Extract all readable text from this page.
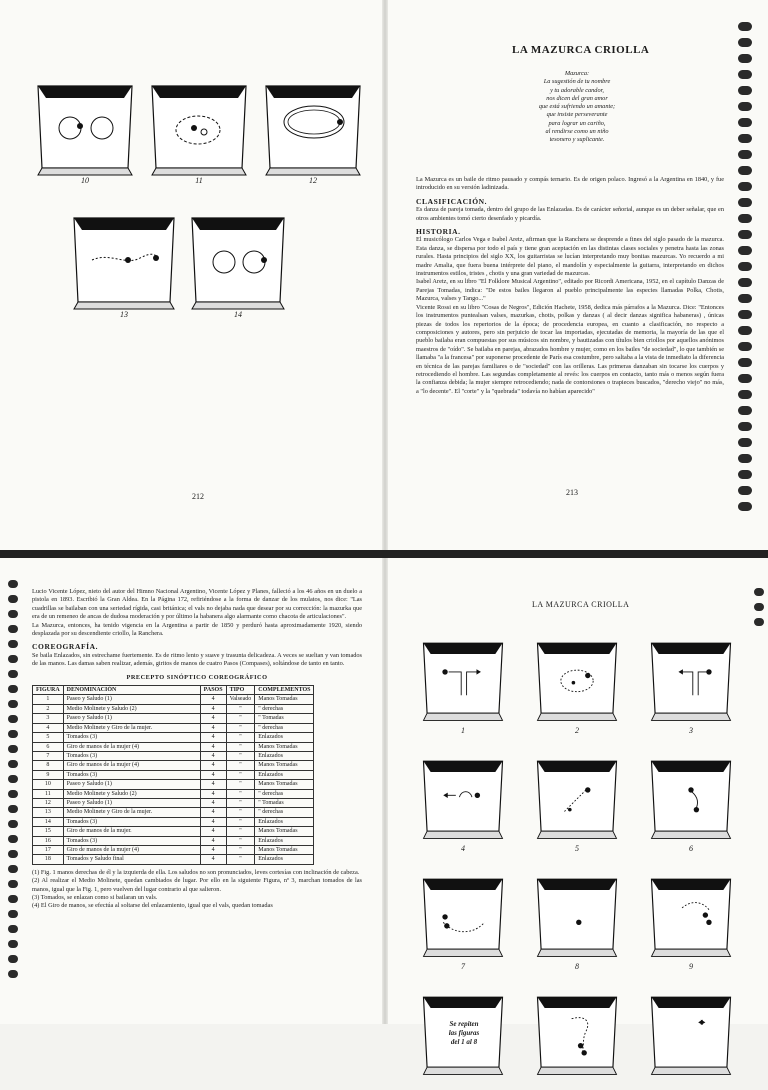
10	11	12
13	14
212
LA MAZURCA CRIOLLA
Mazurca:
La sugestión de tu nombre
y tu adorable candor,
nos dicen del gran amor
que está sufriendo un amante;
que insiste perseverante
para lograr un cariño,
al rendirse como un niño
tesonero y suplicante.
La Mazurca es un baile de ritmo pausado y compás ternario. Es de origen polaco. Ingresó a la Argentina en 1840, y fue introducido en su versión ladinizada.
CLASIFICACIÓN.
Es danza de pareja tomada, dentro del grupo de las Enlazadas. Es de carácter señorial, aunque es un deber señalar, que en otros ambientes tomó cierto desenfado y picardía.
HISTORIA.
El musicólogo Carlos Vega e Isabel Aretz, afirman que la Ranchera se desprende a fines del siglo pasado de la mazurca. Esta danza, se dispersa por todo el país y tiene gran aceptación en las distintas clases sociales y penetra hasta las zonas rurales. Hasta principios del siglo XX, los guitarristas se lucían interpretando muy bonitas mazurcas. Yo recuerdo a mi madre Amalia, que fuera buena intérprete del piano, el mandolín y especialmente la guitarra, interpretando en dichos instrumentos estilos, tristes , chotis y una gran variedad de mazurcas.
Isabel Aretz, en su libro "El Folklore Musical Argentino", editado por Ricordi Americana, 1952, en el capítulo Danzas de Parejas Tomadas, indica: "De estos bailes llegaron al pueblo principalmente las especies llamadas Polka, Chotis, Mazurca, valses y Tango..."
Vicente Rossi en su libro "Cosas de Negros", Edición Hachete, 1958, dedica más párrafos a la Mazurca. Dice: "Entonces los instrumentos puntealsan valses, mazurkas, chotis, polkas y danzas ( al decir danzas significa habaneras) , únicas piezas de todos los repertorios de la época; de procedencia europea, en cuanto a clasificación, no respecto a composiciones y autores, pero sin perjuicio de tocar las importadas, ejecutadas de memoria, la mayoría de las que el pueblo bailaba eran compuestas por sus músicos sin nombre, y bautizadas con títulos bien criollos por aquellos anónimos maestros de "oído". Se bailaba en parejas, abrazados hombre y mujer, como en los bailes "de sociedad", lo que también se llamaba "a la francesa" por suponerse procedente de París esa costumbre, pero saltaba a la vista de inmediato la diferencia en técnica de las parejas familiares o de "sociedad" con las orilleras. Las primeras danzaban sin tocarse los cuerpos y retrocediendo el hombre. Las segundas completamente al revés: los cuerpos en contacto, tanto más o menos según fuera la confianza debida; la mujer siempre retrocediendo; nada de contorsiones o trapieces buscados, "derecho viejo" no más, a "lo decente". El "corte" y la "quebrada" todavía no habían aparecido"
213
Lucio Vicente López, nieto del autor del Himno Nacional Argentino, Vicente López y Planes, falleció a los 46 años en un duelo a pistola en 1893. Escribió la Gran Aldea. En la Página 172, refiriéndose a la forma de danzar de los mulatos, nos dice: "Las cuadrillas se bailaban con una seriedad rígida, casi británica; el vals no dejaba nada que desear por su corrección: la mazurka que era de un remeneo de ancas de dudosa moderación y por último la habanera algo alarmante como chacota de articulaciones".
La Mazurca, entonces, ha tenido vigencia en la Argentina a partir de 1850 y perduró hasta aproximadamente 1920, siendo desplazada por su descendiente criollo, la Ranchera.
COREOGRAFÍA.
Se baila Enlazados, sin estrechame fuertemente. Es de ritmo lento y suave y trasunta delicadeza. A veces se sueltan y van tomados de las manos. Las damas saben realizar, además, giritos de manos de cuatro Pasos (Compases), soltándose de tanto en tanto.
PRECEPTO SINÓPTICO COREOGRÁFICO
FIGURA	DENOMINACIÓN	PASOS	TIPO	COMPLEMENTOS
1	Paseo y Saludo (1)	4	Valseado	Manos Tomadas
2	Medio Molinete y Saludo (2)	4	"	" derechas
3	Paseo y Saludo (1)	4	"	" Tomadas
4	Medio Molinete y Giro de la mujer.	4	"	" derechas
5	Tomados (3)	4	"	Enlazados
6	Giro de manos de la mujer (4)	4	"	Manos Tomadas
7	Tomados (3)	4	"	Enlazados
8	Giro de manos de la mujer (4)	4	"	Manos Tomadas
9	Tomados (3)	4	"	Enlazados
10	Paseo y Saludo (1)	4	"	Manos Tomadas
11	Medio Molinete y Saludo (2)	4	"	" derechas
12	Paseo y Saludo (1)	4	"	" Tomadas
13	Medio Molinete y Giro de la mujer.	4	"	" derechas
14	Tomados (3)	4	"	Enlazados
15	Giro de manos de la mujer.	4	"	Manos Tomadas
16	Tomados (3)	4	"	Enlazados
17	Giro de manos de la mujer (4)	4	"	Manos Tomadas
18	Tomados y Saludo final	4	"	Enlazados
(1) Fig. 1 manos derechas de él y la izquierda de ella. Los saludos no son pronunciados, leves cortesías con inclinación de cabeza.
(2) Al realizar el Medio Molinete, quedan cambiados de lugar. Por ello en la siguiente Figura, nº 3, marchan tomados de las manos, igual que la Fig. 1, pero vuelven del lugar contrario al que salieron.
(3) Tomados, se enlazan como si bailaran un vals.
(4) El Giro de manos, se efectúa al soltarse del enlazamiento, igual que el vals, quedan tomadas
LA MAZURCA CRIOLLA
1	2	3
4	5	6
7	8	9
Se repiten
las figuras
del 1 al 8
